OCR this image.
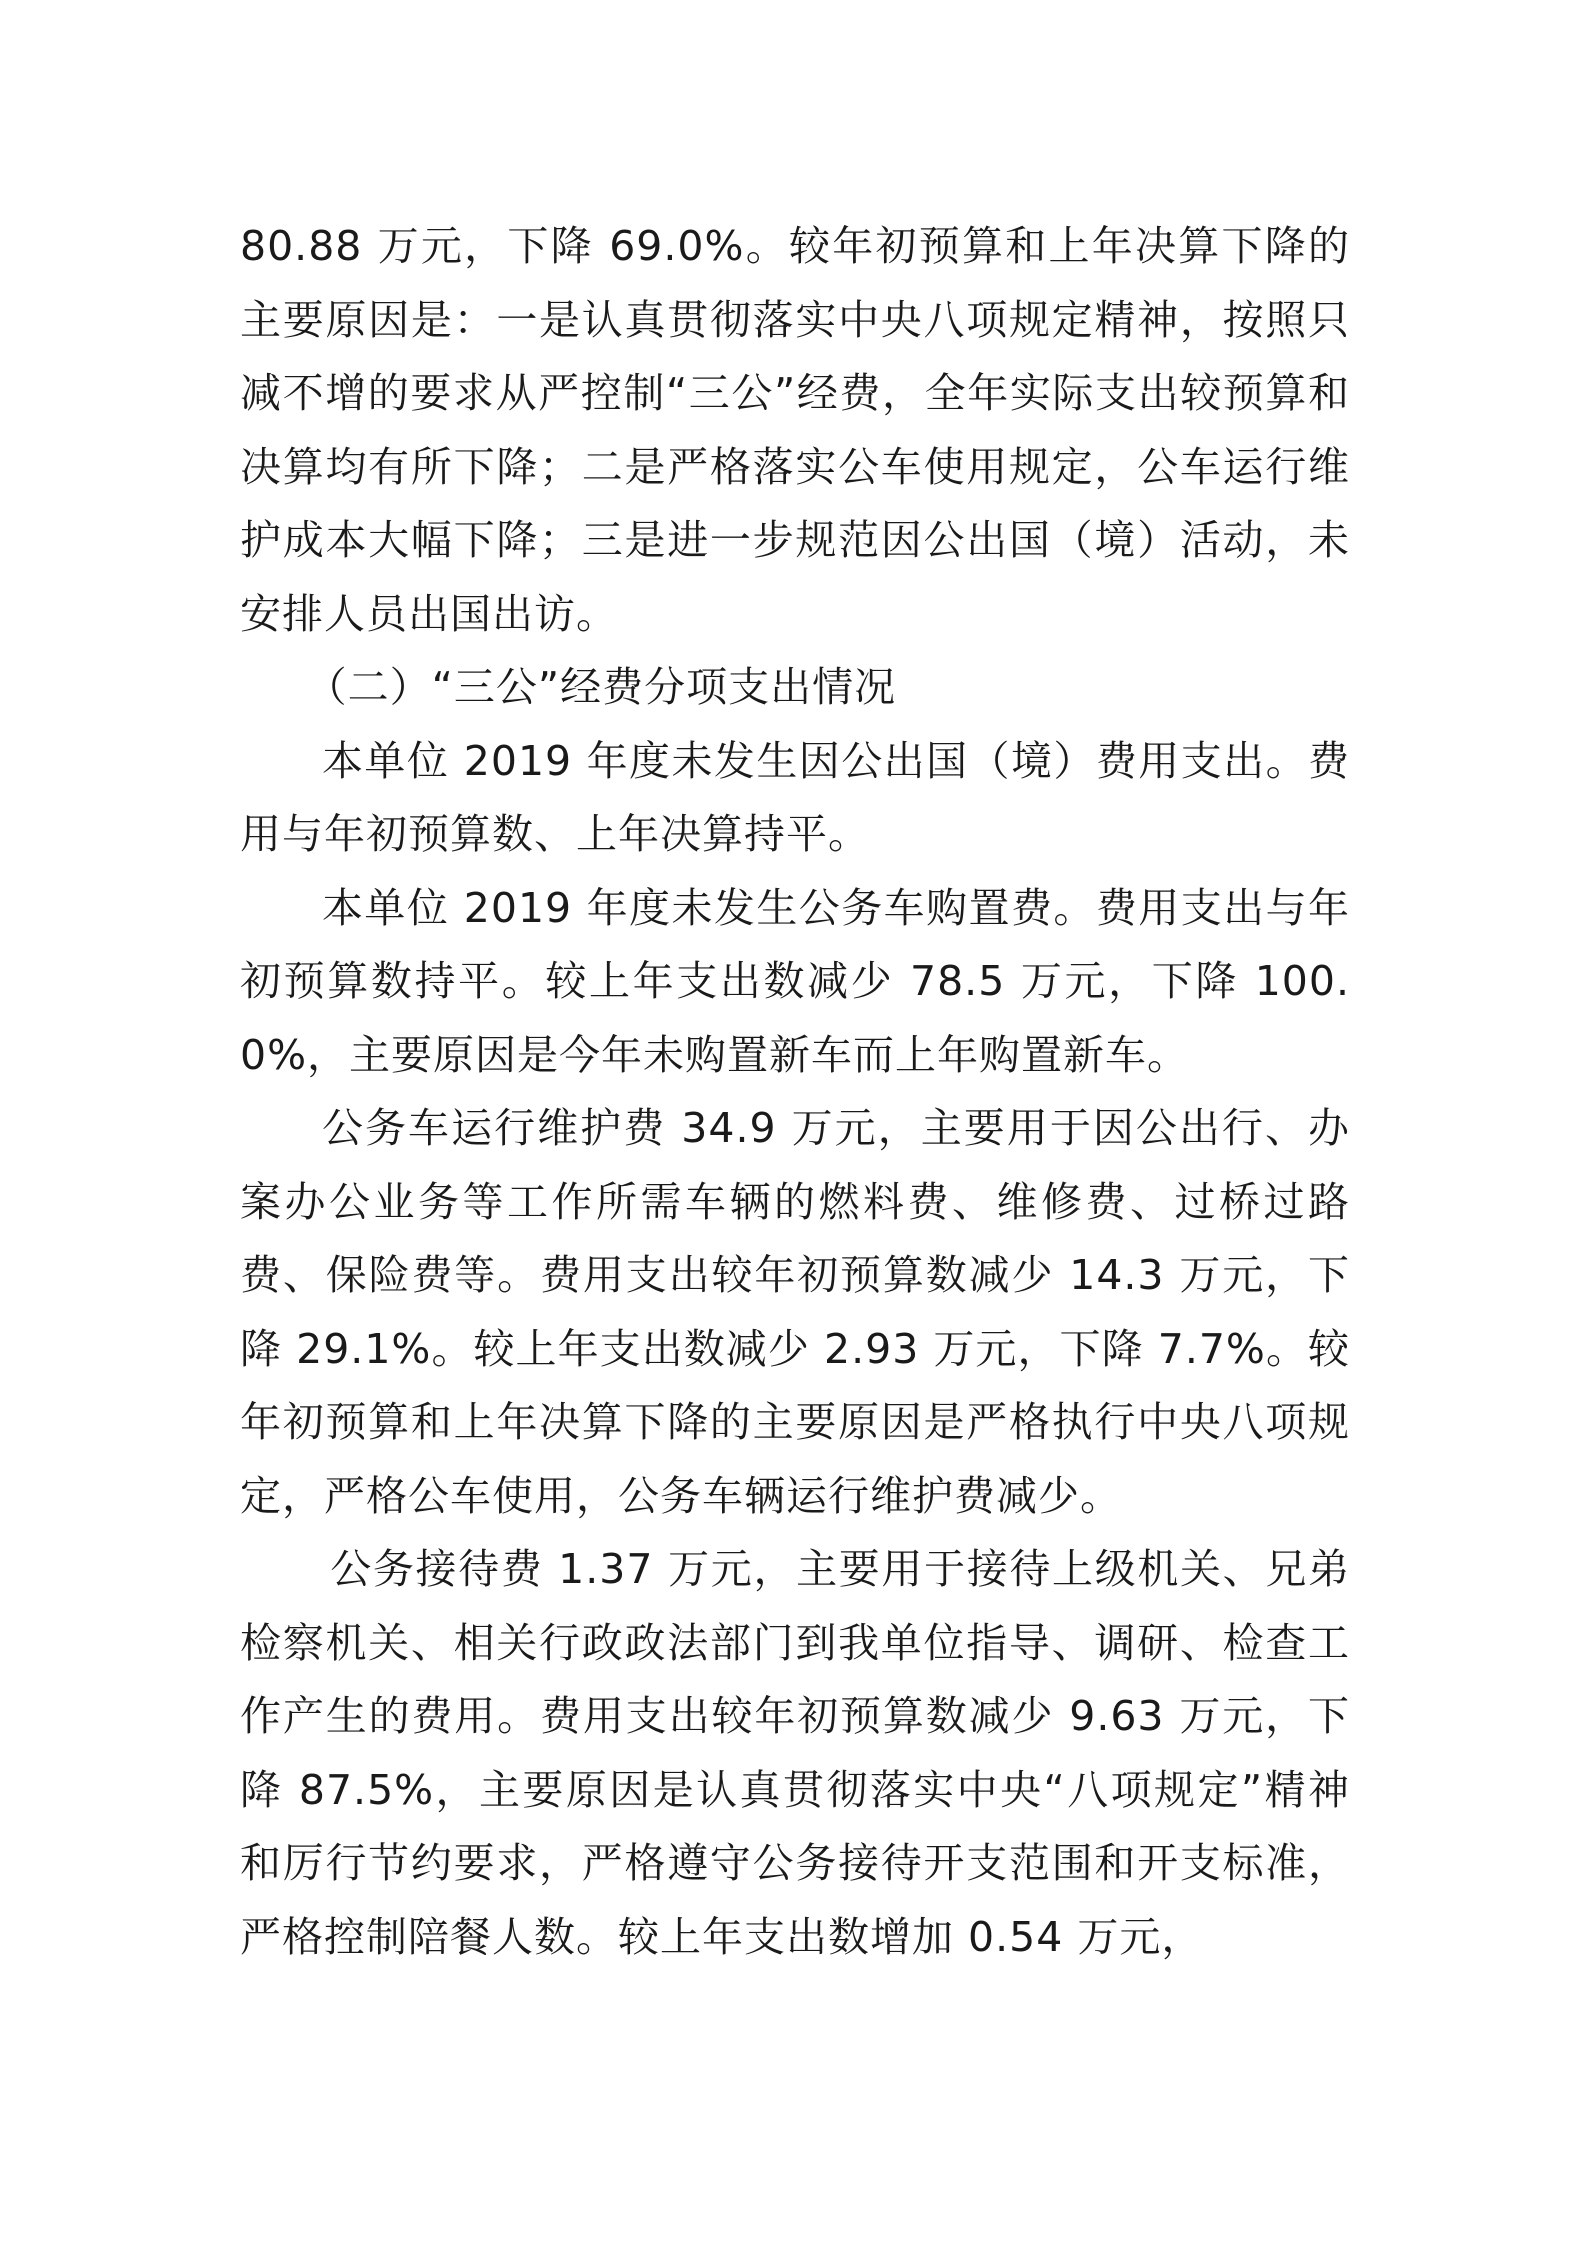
80.88 万元，下降 69.0%。较年初预算和上年决算下降的主要原因是：一是认真贯彻落实中央八项规定精神，按照只减不增的要求从严控制“三公”经费，全年实际支出较预算和决算均有所下降；二是严格落实公车使用规定，公车运行维护成本大幅下降；三是进一步规范因公出国（境）活动，未安排人员出国出访。

（二）“三公”经费分项支出情况

本单位 2019 年度未发生因公出国（境）费用支出。费用与年初预算数、上年决算持平。

本单位 2019 年度未发生公务车购置费。费用支出与年初预算数持平。较上年支出数减少 78.5 万元，下降 100.0%，主要原因是今年未购置新车而上年购置新车。

公务车运行维护费 34.9 万元，主要用于因公出行、办案办公业务等工作所需车辆的燃料费、维修费、过桥过路费、保险费等。费用支出较年初预算数减少 14.3 万元，下降 29.1%。较上年支出数减少 2.93 万元，下降 7.7%。较年初预算和上年决算下降的主要原因是严格执行中央八项规定，严格公车使用，公务车辆运行维护费减少。

公务接待费 1.37 万元，主要用于接待上级机关、兄弟检察机关、相关行政政法部门到我单位指导、调研、检查工作产生的费用。费用支出较年初预算数减少 9.63 万元，下降 87.5%，主要原因是认真贯彻落实中央“八项规定”精神和厉行节约要求，严格遵守公务接待开支范围和开支标准，严格控制陪餐人数。较上年支出数增加 0.54 万元，
